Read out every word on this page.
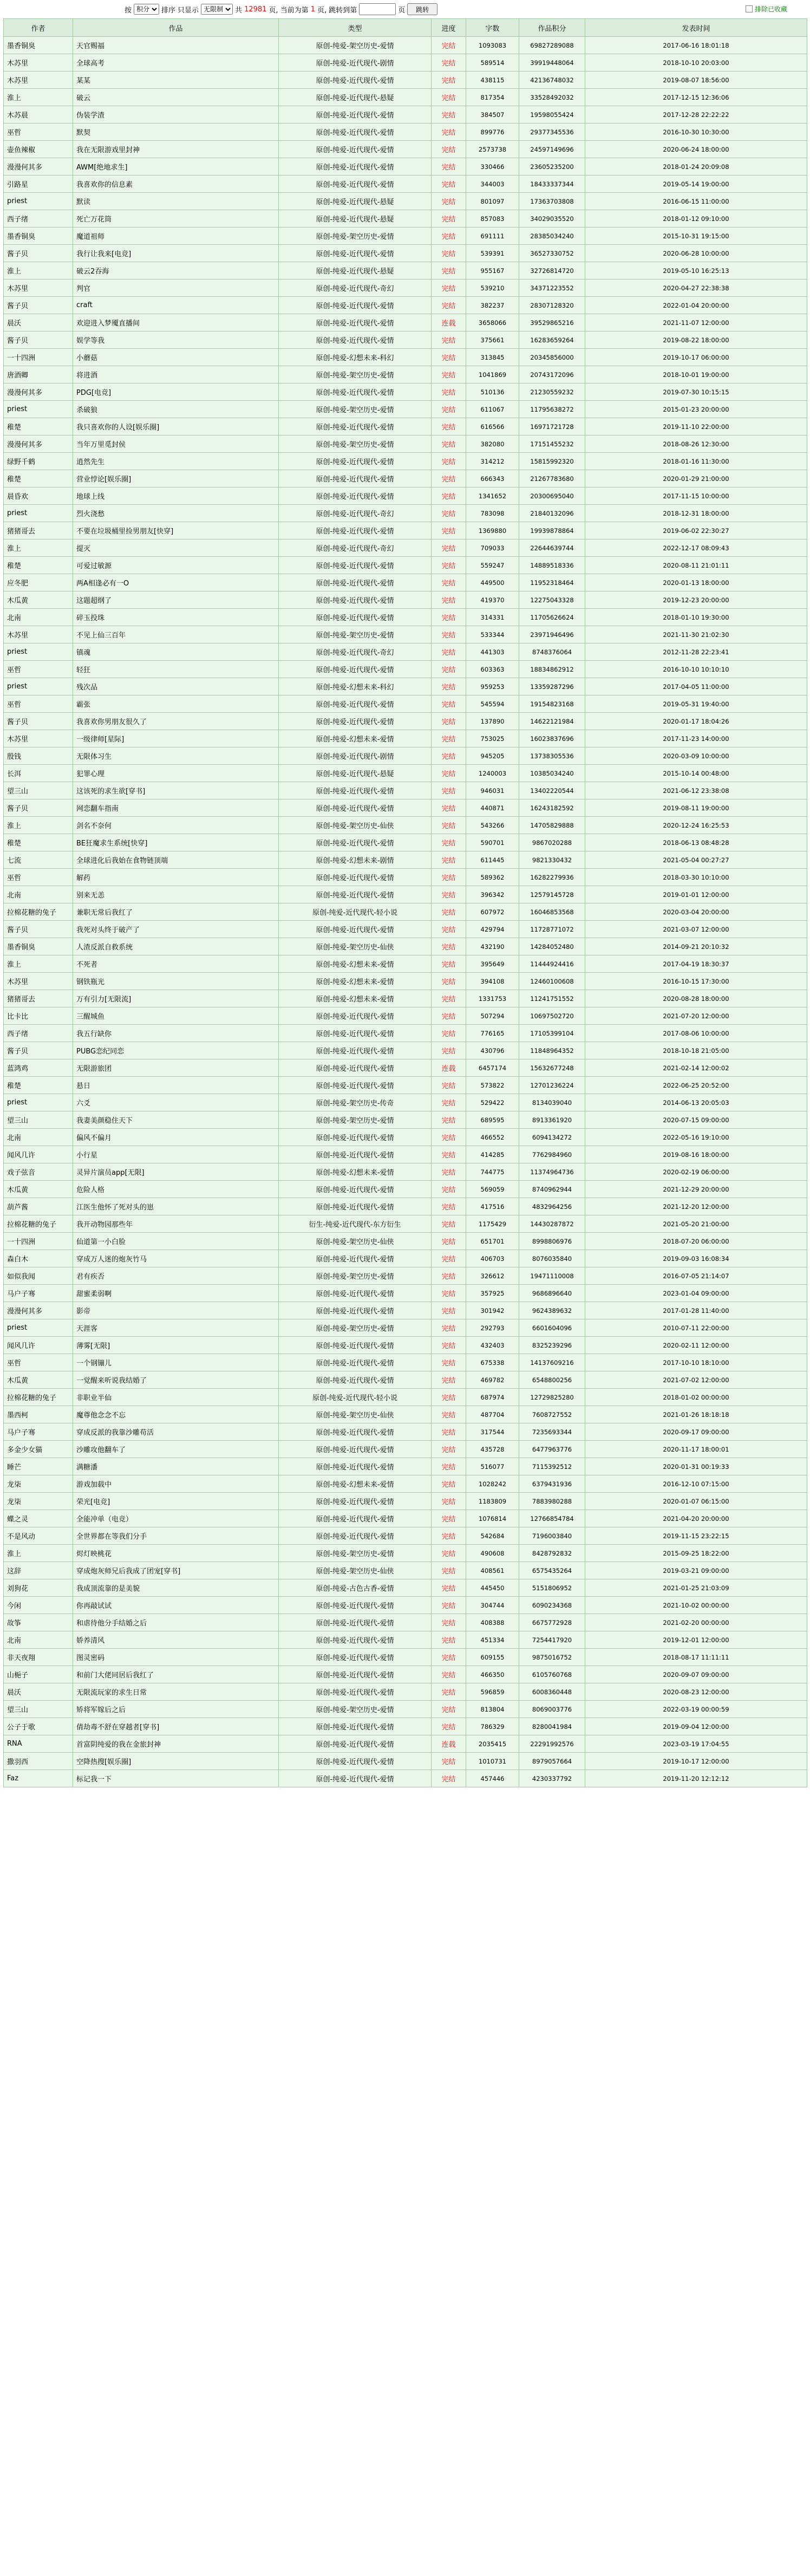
按
积分	排序 只显示
无限制	共 12981 页, 当前为第 1 页, 跳转到第	页	跳转	排除已收藏
作者	作品	类型	进度	字数	作品积分	发表时间
墨香铜臭	天官赐福	原创-纯爱-架空历史-爱情	完结	1093083	69827289088	2017-06-16 18:01:18
木苏里	全球高考	原创-纯爱-近代现代-剧情	完结	589514	39919448064	2018-10-10 20:03:00
木苏里	某某	原创-纯爱-近代现代-爱情	完结	438115	42136748032	2019-08-07 18:56:00
淮上	破云	原创-纯爱-近代现代-悬疑	完结	817354	33528492032	2017-12-15 12:36:06
木苏晨	伪装学渣	原创-纯爱-近代现代-爱情	完结	384507	19598055424	2017-12-28 22:22:22
巫哲	默契	原创-纯爱-近代现代-爱情	完结	899776	29377345536	2016-10-30 10:30:00
壶鱼辣椒	我在无限游戏里封神	原创-纯爱-近代现代-爱情	完结	2573738	24597149696	2020-06-24 18:00:00
漫漫何其多	AWM[绝地求生]	原创-纯爱-近代现代-爱情	完结	330466	23605235200	2018-01-24 20:09:08
引路星	我喜欢你的信息素	原创-纯爱-近代现代-爱情	完结	344003	18433337344	2019-05-14 19:00:00
priest	默读	原创-纯爱-近代现代-悬疑	完结	801097	17363703808	2016-06-15 11:00:00
西子绪	死亡万花筒	原创-纯爱-近代现代-悬疑	完结	857083	34029035520	2018-01-12 09:10:00
墨香铜臭	魔道祖师	原创-纯爱-架空历史-爱情	完结	691111	28385034240	2015-10-31 19:15:00
酱子贝	我行让我来[电竞]	原创-纯爱-近代现代-爱情	完结	539391	36527330752	2020-06-28 10:00:00
淮上	破云2吞海	原创-纯爱-近代现代-悬疑	完结	955167	32726814720	2019-05-10 16:25:13
木苏里	判官	原创-纯爱-近代现代-奇幻	完结	539210	34371223552	2020-04-27 22:38:38
酱子贝	craft	原创-纯爱-近代现代-爱情	完结	382237	28307128320	2022-01-04 20:00:00
晨沃	欢迎进入梦魇直播间	原创-纯爱-近代现代-爱情	连载	3658066	39529865216	2021-11-07 12:00:00
酱子贝	娱学等我	原创-纯爱-近代现代-爱情	完结	375661	16283659264	2019-08-22 18:00:00
一十四洲	小蘑菇	原创-纯爱-幻想未来-科幻	完结	313845	20345856000	2019-10-17 06:00:00
唐酒卿	将进酒	原创-纯爱-架空历史-爱情	完结	1041869	20743172096	2018-10-01 19:00:00
漫漫何其多	PDG[电竞]	原创-纯爱-近代现代-爱情	完结	510136	21230559232	2019-07-30 10:15:15
priest	杀破狼	原创-纯爱-架空历史-爱情	完结	611067	11795638272	2015-01-23 20:00:00
稚楚	我只喜欢你的人设[娱乐圈]	原创-纯爱-近代现代-爱情	完结	616566	16971721728	2019-11-10 22:00:00
漫漫何其多	当年万里觅封侯	原创-纯爱-架空历史-爱情	完结	382080	17151455232	2018-08-26 12:30:00
绿野千鹤	逍然先生	原创-纯爱-近代现代-爱情	完结	314212	15815992320	2018-01-16 11:30:00
稚楚	营业悖论[娱乐圈]	原创-纯爱-近代现代-爱情	完结	666343	21267783680	2020-01-29 21:00:00
晨昏欢	地球上线	原创-纯爱-近代现代-爱情	完结	1341652	20300695040	2017-11-15 10:00:00
priest	烈火浇愁	原创-纯爱-近代现代-奇幻	完结	783098	21840132096	2018-12-31 18:00:00
猪猪哥去	不要在垃圾桶里捡男朋友[快穿]	原创-纯爱-近代现代-爱情	完结	1369880	19939878864	2019-06-02 22:30:27
淮上	提灭	原创-纯爱-近代现代-奇幻	完结	709033	22644639744	2022-12-17 08:09:43
稚楚	可爱过敏源	原创-纯爱-近代现代-爱情	完结	559247	14889518336	2020-08-11 21:01:11
应冬肥	两A相逢必有一O	原创-纯爱-近代现代-爱情	完结	449500	11952318464	2020-01-13 18:00:00
木瓜黄	这题超纲了	原创-纯爱-近代现代-爱情	完结	419370	12275043328	2019-12-23 20:00:00
北南	碎玉投珠	原创-纯爱-近代现代-爱情	完结	314331	11705626624	2018-01-10 19:30:00
木苏里	不见上仙三百年	原创-纯爱-架空历史-爱情	完结	533344	23971946496	2021-11-30 21:02:30
priest	镇魂	原创-纯爱-近代现代-奇幻	完结	441303	8748376064	2012-11-28 22:23:41
巫哲	轻狂	原创-纯爱-近代现代-爱情	完结	603363	18834862912	2016-10-10 10:10:10
priest	残次品	原创-纯爱-幻想未来-科幻	完结	959253	13359287296	2017-04-05 11:00:00
巫哲	霸张	原创-纯爱-近代现代-爱情	完结	545594	19154823168	2019-05-31 19:40:00
酱子贝	我喜欢你男朋友很久了	原创-纯爱-近代现代-爱情	完结	137890	14622121984	2020-01-17 18:04:26
木苏里	一级律师[星际]	原创-纯爱-幻想未来-爱情	完结	753025	16023837696	2017-11-23 14:00:00
殷钱	无限体习生	原创-纯爱-近代现代-剧情	完结	945205	13738305536	2020-03-09 10:00:00
长洱	犯罪心理	原创-纯爱-近代现代-悬疑	完结	1240003	10385034240	2015-10-14 00:48:00
望三山	这该死的求生欲[穿书]	原创-纯爱-近代现代-爱情	完结	946031	13402220544	2021-06-12 23:38:08
酱子贝	网恋翻车指南	原创-纯爱-近代现代-爱情	完结	440871	16243182592	2019-08-11 19:00:00
淮上	剑名不奈何	原创-纯爱-架空历史-仙侠	完结	543266	14705829888	2020-12-24 16:25:53
稚楚	BE狂魔求生系统[快穿]	原创-纯爱-近代现代-爱情	完结	590701	9867020288	2018-06-13 08:48:28
七流	全球进化后我始在食物链顶端	原创-纯爱-幻想未来-剧情	完结	611445	9821330432	2021-05-04 00:27:27
巫哲	解药	原创-纯爱-近代现代-爱情	完结	589362	16282279936	2018-03-30 10:10:00
北南	别来无恙	原创-纯爱-近代现代-爱情	完结	396342	12579145728	2019-01-01 12:00:00
拉棉花糖的兔子	兼职无常后我红了	原创-纯爱-近代现代-轻小说	完结	607972	16046853568	2020-03-04 20:00:00
酱子贝	我死对头终于破产了	原创-纯爱-近代现代-爱情	完结	429794	11728771072	2021-03-07 12:00:00
墨香铜臭	人渣反派自救系统	原创-纯爱-架空历史-仙侠	完结	432190	14284052480	2014-09-21 20:10:32
淮上	不死者	原创-纯爱-幻想未来-爱情	完结	395649	11444924416	2017-04-19 18:30:37
木苏里	钢铁瓶光	原创-纯爱-幻想未来-爱情	完结	394108	12460100608	2016-10-15 17:30:00
猪猪哥去	万有引力[无限流]	原创-纯爱-幻想未来-爱情	完结	1331753	11241751552	2020-08-28 18:00:00
比卡比	三醒城鱼	原创-纯爱-近代现代-爱情	完结	507294	10697502720	2021-07-20 12:00:00
西子绪	我五行缺你	原创-纯爱-近代现代-爱情	完结	776165	17105399104	2017-08-06 10:00:00
酱子贝	PUBG恋纪同恋	原创-纯爱-近代现代-爱情	完结	430796	11848964352	2018-10-18 21:05:00
蓝鸿鸡	无限游旅团	原创-纯爱-近代现代-爱情	连载	6457174	15632677248	2021-02-14 12:00:02
稚楚	悬日	原创-纯爱-近代现代-爱情	完结	573822	12701236224	2022-06-25 20:52:00
priest	六爻	原创-纯爱-架空历史-传奇	完结	529422	8134039040	2014-06-13 20:05:03
望三山	我妻美颜稳住天下	原创-纯爱-架空历史-爱情	完结	689595	8913361920	2020-07-15 09:00:00
北南	偏风不偏月	原创-纯爱-近代现代-爱情	完结	466552	6094134272	2022-05-16 19:10:00
闻风几许	小行星	原创-纯爱-近代现代-爱情	完结	414285	7762984960	2019-08-16 18:00:00
戏子弦音	灵异片演员app[无限]	原创-纯爱-幻想未来-爱情	完结	744775	11374964736	2020-02-19 06:00:00
木瓜黄	危险人格	原创-纯爱-近代现代-爱情	完结	569059	8740962944	2021-12-29 20:00:00
葫芦酱	江医生他怀了死对头的崽	原创-纯爱-近代现代-爱情	完结	417516	4832964256	2021-12-20 12:00:00
拉棉花糖的兔子	我开动物园那些年	衍生-纯爱-近代现代-东方衍生	完结	1175429	14430287872	2021-05-20 21:00:00
一十四洲	仙道第一小白脸	原创-纯爱-架空历史-仙侠	完结	651701	8998806976	2018-07-20 06:00:00
森白木	穿成万人迷的炮灰竹马	原创-纯爱-近代现代-爱情	完结	406703	8076035840	2019-09-03 16:08:34
如似我闻	君有疾否	原创-纯爱-架空历史-爱情	完结	326612	19471110008	2016-07-05 21:14:07
马户子骞	甜蜜柔弱啊	原创-纯爱-近代现代-爱情	完结	357925	9686896640	2023-01-04 09:00:00
漫漫何其多	影帝	原创-纯爱-近代现代-爱情	完结	301942	9624389632	2017-01-28 11:40:00
priest	天涯客	原创-纯爱-架空历史-爱情	完结	292793	6601604096	2010-07-11 22:00:00
闻风几许	薄雾[无限]	原创-纯爱-近代现代-爱情	完结	432403	8325239296	2020-02-11 12:00:00
巫哲	一个钢镚儿	原创-纯爱-近代现代-爱情	完结	675338	14137609216	2017-10-10 18:10:00
木瓜黄	一觉醒来听说我结婚了	原创-纯爱-近代现代-爱情	完结	469782	6548800256	2021-07-02 12:00:00
拉棉花糖的兔子	非职业半仙	原创-纯爱-近代现代-轻小说	完结	687974	12729825280	2018-01-02 00:00:00
墨西柯	魔尊他念念不忘	原创-纯爱-架空历史-仙侠	完结	487704	7608727552	2021-01-26 18:18:18
马户子骞	穿成反派的我靠沙雕苟活	原创-纯爱-近代现代-爱情	完结	317544	7235693344	2020-09-17 09:00:00
多金少女猫	沙雕攻他翻车了	原创-纯爱-近代现代-爱情	完结	435728	6477963776	2020-11-17 18:00:01
睡芒	满糖潘	原创-纯爱-近代现代-爱情	完结	516077	7115392512	2020-01-31 00:19:33
龙柒	游戏加载中	原创-纯爱-幻想未来-爱情	完结	1028242	6379431936	2016-12-10 07:15:00
龙柒	荣光[电竞]	原创-纯爱-近代现代-爱情	完结	1183809	7883980288	2020-01-07 06:15:00
蝶之灵	全能冲单（电竞）	原创-纯爱-近代现代-爱情	完结	1076814	12766854784	2021-04-20 20:00:00
不是风动	全世界都在等我们分手	原创-纯爱-近代现代-爱情	完结	542684	7196003840	2019-11-15 23:22:15
淮上	烬灯映桃花	原创-纯爱-架空历史-爱情	完结	490608	8428792832	2015-09-25 18:22:00
这辞	穿成炮灰师兄后我成了团宠[穿书]	原创-纯爱-架空历史-仙侠	完结	408561	6575435264	2019-03-21 09:00:00
刘狗花	我成顶流靠的是美貌	原创-纯爱-古色古香-爱情	完结	445450	5151806952	2021-01-25 21:03:09
今闲	你再敲试试	原创-纯爱-近代现代-爱情	完结	304744	6090234368	2021-10-02 00:00:00
故筝	和虐待他分手结婚之后	原创-纯爱-近代现代-爱情	完结	408388	6675772928	2021-02-20 00:00:00
北南	娇养清风	原创-纯爱-近代现代-爱情	完结	451334	7254417920	2019-12-01 12:00:00
非天夜翔	图灵密码	原创-纯爱-近代现代-爱情	完结	609155	9875016752	2018-08-17 11:11:11
山梔子	和前门大佬同居后我红了	原创-纯爱-近代现代-爱情	完结	466350	6105760768	2020-09-07 09:00:00
晨沃	无限流玩家的求生日常	原创-纯爱-近代现代-爱情	完结	596859	6008360448	2020-08-23 12:00:00
望三山	矫将军嫁后之后	原创-纯爱-架空历史-爱情	完结	813804	8069003776	2022-03-19 00:00:59
公子于歌	倩劫毒不舒在穿越者[穿书]	原创-纯爱-近代现代-爱情	完结	786329	8280041984	2019-09-04 12:00:00
RNA	首富阴纯爱的我在金旅封神	原创-纯爱-近代现代-爱情	连载	2035415	22291992576	2023-03-19 17:04:55
撒羽西	空降热搜[娱乐圈]	原创-纯爱-近代现代-爱情	完结	1010731	8979057664	2019-10-17 12:00:00
Faz	标记我一下	原创-纯爱-近代现代-爱情	完结	457446	4230337792	2019-11-20 12:12:12
